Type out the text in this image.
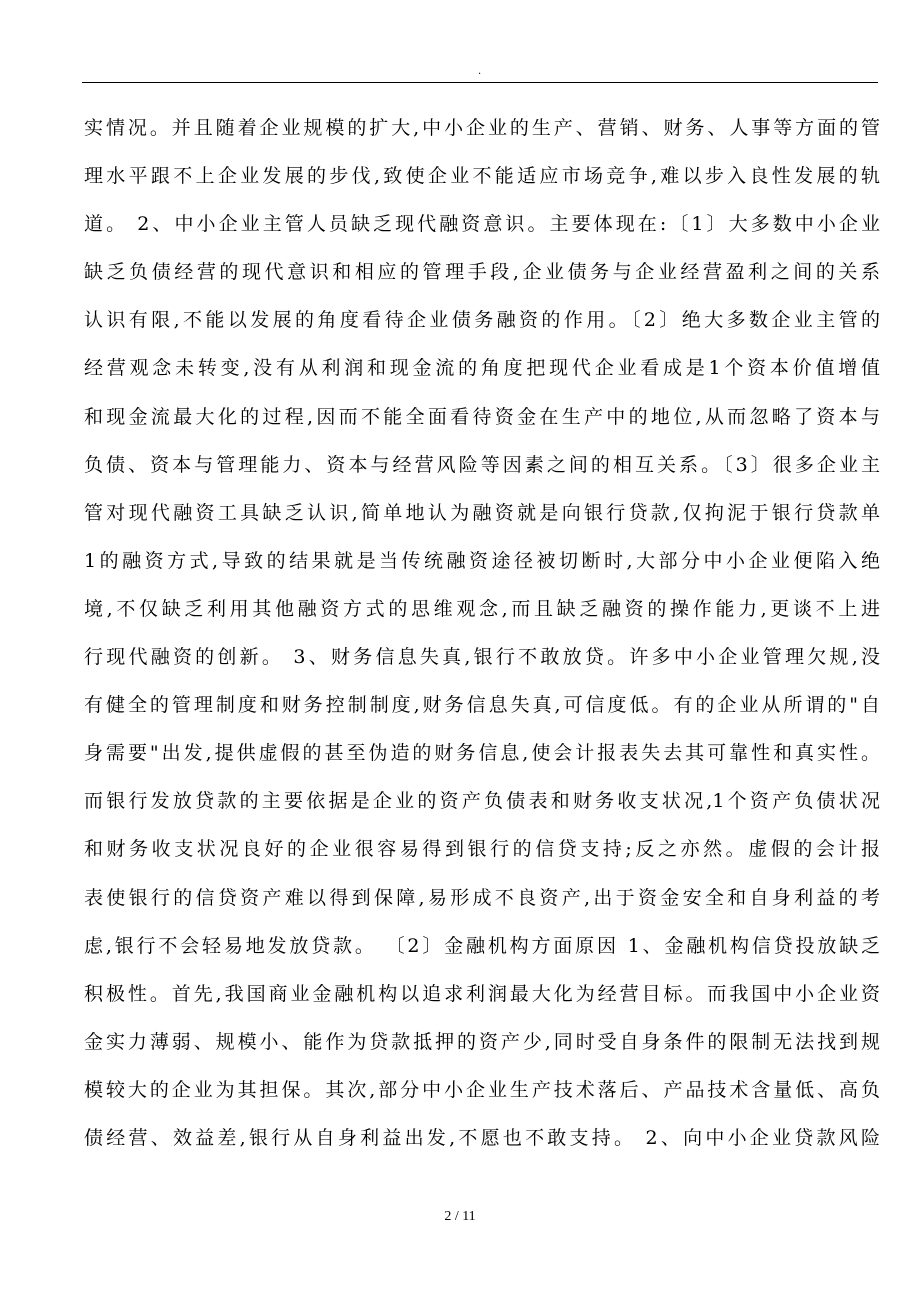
.
实情况。并且随着企业规模的扩大,中小企业的生产、营销、财务、人事等方面的管
理水平跟不上企业发展的步伐,致使企业不能适应市场竞争,难以步入良性发展的轨
道。 2、中小企业主管人员缺乏现代融资意识。主要体现在:〔1〕大多数中小企业
缺乏负债经营的现代意识和相应的管理手段,企业债务与企业经营盈利之间的关系
认识有限,不能以发展的角度看待企业债务融资的作用。〔2〕绝大多数企业主管的
经营观念未转变,没有从利润和现金流的角度把现代企业看成是1个资本价值增值
和现金流最大化的过程,因而不能全面看待资金在生产中的地位,从而忽略了资本与
负债、资本与管理能力、资本与经营风险等因素之间的相互关系。〔3〕很多企业主
管对现代融资工具缺乏认识,简单地认为融资就是向银行贷款,仅拘泥于银行贷款单
1的融资方式,导致的结果就是当传统融资途径被切断时,大部分中小企业便陷入绝
境,不仅缺乏利用其他融资方式的思维观念,而且缺乏融资的操作能力,更谈不上进
行现代融资的创新。 3、财务信息失真,银行不敢放贷。许多中小企业管理欠规,没
有健全的管理制度和财务控制制度,财务信息失真,可信度低。有的企业从所谓的"自
身需要"出发,提供虚假的甚至伪造的财务信息,使会计报表失去其可靠性和真实性。
而银行发放贷款的主要依据是企业的资产负债表和财务收支状况,1个资产负债状况
和财务收支状况良好的企业很容易得到银行的信贷支持;反之亦然。虚假的会计报
表使银行的信贷资产难以得到保障,易形成不良资产,出于资金安全和自身利益的考
虑,银行不会轻易地发放贷款。 〔2〕金融机构方面原因 1、金融机构信贷投放缺乏
积极性。首先,我国商业金融机构以追求利润最大化为经营目标。而我国中小企业资
金实力薄弱、规模小、能作为贷款抵押的资产少,同时受自身条件的限制无法找到规
模较大的企业为其担保。其次,部分中小企业生产技术落后、产品技术含量低、高负
债经营、效益差,银行从自身利益出发,不愿也不敢支持。 2、向中小企业贷款风险
2 / 11
